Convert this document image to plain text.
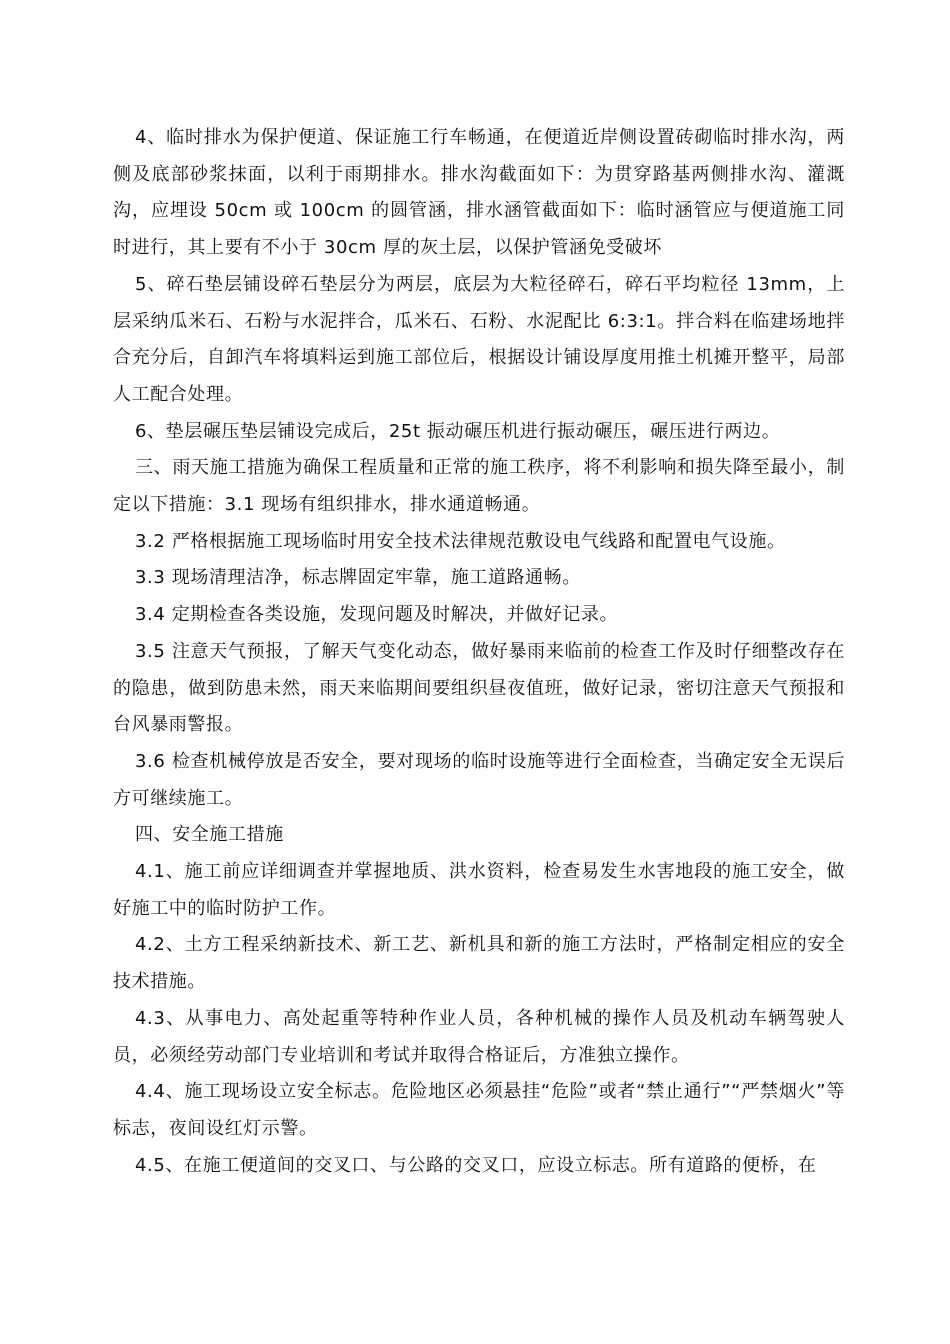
4、临时排水为保护便道、保证施工行车畅通，在便道近岸侧设置砖砌临时排水沟，两侧及底部砂浆抹面，以利于雨期排水。排水沟截面如下：为贯穿路基两侧排水沟、灌溉沟，应埋设 50cm 或 100cm 的圆管涵，排水涵管截面如下：临时涵管应与便道施工同时进行，其上要有不小于 30cm 厚的灰土层，以保护管涵免受破坏

5、碎石垫层铺设碎石垫层分为两层，底层为大粒径碎石，碎石平均粒径 13mm，上层采纳瓜米石、石粉与水泥拌合，瓜米石、石粉、水泥配比 6:3:1。拌合料在临建场地拌合充分后，自卸汽车将填料运到施工部位后，根据设计铺设厚度用推土机摊开整平，局部人工配合处理。

6、垫层碾压垫层铺设完成后，25t 振动碾压机进行振动碾压，碾压进行两边。

三、雨天施工措施为确保工程质量和正常的施工秩序，将不利影响和损失降至最小，制定以下措施：3.1 现场有组织排水，排水通道畅通。

3.2 严格根据施工现场临时用安全技术法律规范敷设电气线路和配置电气设施。

3.3 现场清理洁净，标志牌固定牢靠，施工道路通畅。

3.4 定期检查各类设施，发现问题及时解决，并做好记录。

3.5 注意天气预报，了解天气变化动态，做好暴雨来临前的检查工作及时仔细整改存在的隐患，做到防患未然，雨天来临期间要组织昼夜值班，做好记录，密切注意天气预报和台风暴雨警报。

3.6 检查机械停放是否安全，要对现场的临时设施等进行全面检查，当确定安全无误后方可继续施工。

四、安全施工措施

4.1、施工前应详细调查并掌握地质、洪水资料，检查易发生水害地段的施工安全，做好施工中的临时防护工作。

4.2、土方工程采纳新技术、新工艺、新机具和新的施工方法时，严格制定相应的安全技术措施。

4.3、从事电力、高处起重等特种作业人员，各种机械的操作人员及机动车辆驾驶人员，必须经劳动部门专业培训和考试并取得合格证后，方准独立操作。

4.4、施工现场设立安全标志。危险地区必须悬挂“危险”或者“禁止通行”“严禁烟火”等标志，夜间设红灯示警。

4.5、在施工便道间的交叉口、与公路的交叉口，应设立标志。所有道路的便桥，在
